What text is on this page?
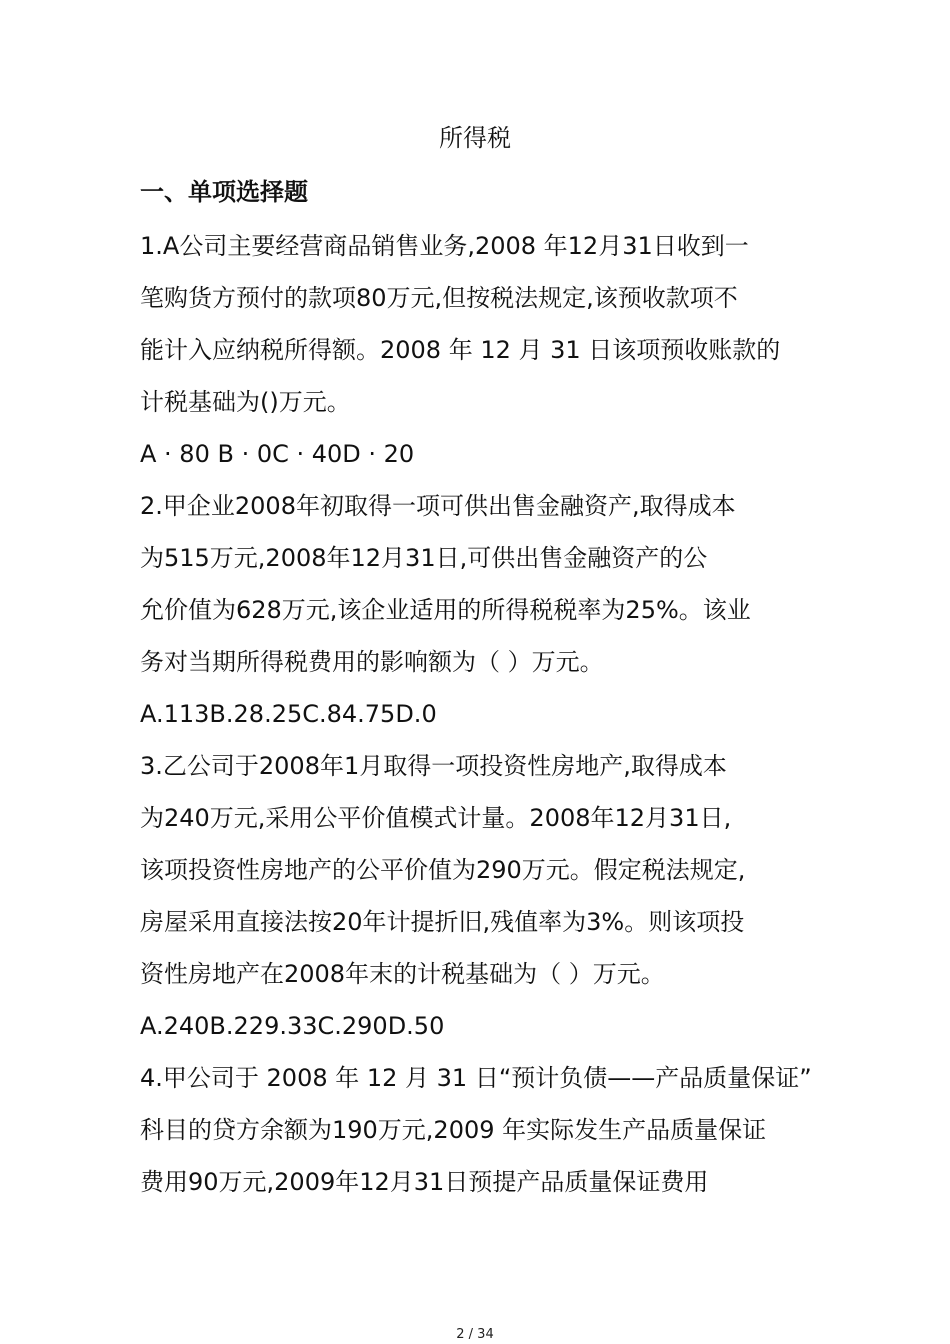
所得税
一、单项选择题
1.A公司主要经营商品销售业务,2008 年12月31日收到一
笔购货方预付的款项80万元,但按税法规定,该预收款项不
能计入应纳税所得额。2008 年 12 月 31 日该项预收账款的
计税基础为()万元。
A · 80 B · 0C · 40D · 20
2.甲企业2008年初取得一项可供出售金融资产,取得成本
为515万元,2008年12月31日,可供出售金融资产的公
允价值为628万元,该企业适用的所得税税率为25%。该业
务对当期所得税费用的影响额为（ ）万元。
A.113B.28.25C.84.75D.0
3.乙公司于2008年1月取得一项投资性房地产,取得成本
为240万元,采用公平价值模式计量。2008年12月31日,
该项投资性房地产的公平价值为290万元。假定税法规定,
房屋采用直接法按20年计提折旧,残值率为3%。则该项投
资性房地产在2008年末的计税基础为（ ）万元。
A.240B.229.33C.290D.50
4.甲公司于 2008 年 12 月 31 日“预计负债——产品质量保证”
科目的贷方余额为190万元,2009 年实际发生产品质量保证
费用90万元,2009年12月31日预提产品质量保证费用
2 / 34
